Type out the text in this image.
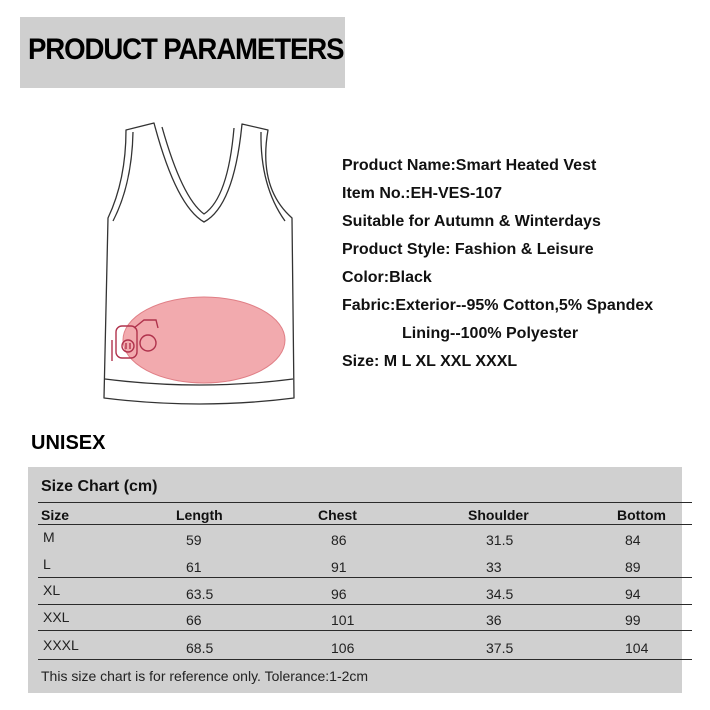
PRODUCT PARAMETERS
Product Name:Smart Heated Vest
Item No.:EH-VES-107
Suitable for Autumn & Winterdays
Product Style: Fashion & Leisure
Color:Black
Fabric:Exterior--95% Cotton,5% Spandex
Lining--100% Polyester
Size: M L XL XXL XXXL
UNISEX
Size Chart (cm)
Size	Length	Chest	Shoulder	Bottom
M	59	86	31.5	84
L	61	91	33	89
XL	63.5	96	34.5	94
XXL	66	101	36	99
XXXL	68.5	106	37.5	104
This size chart is for reference only. Tolerance:1-2cm
